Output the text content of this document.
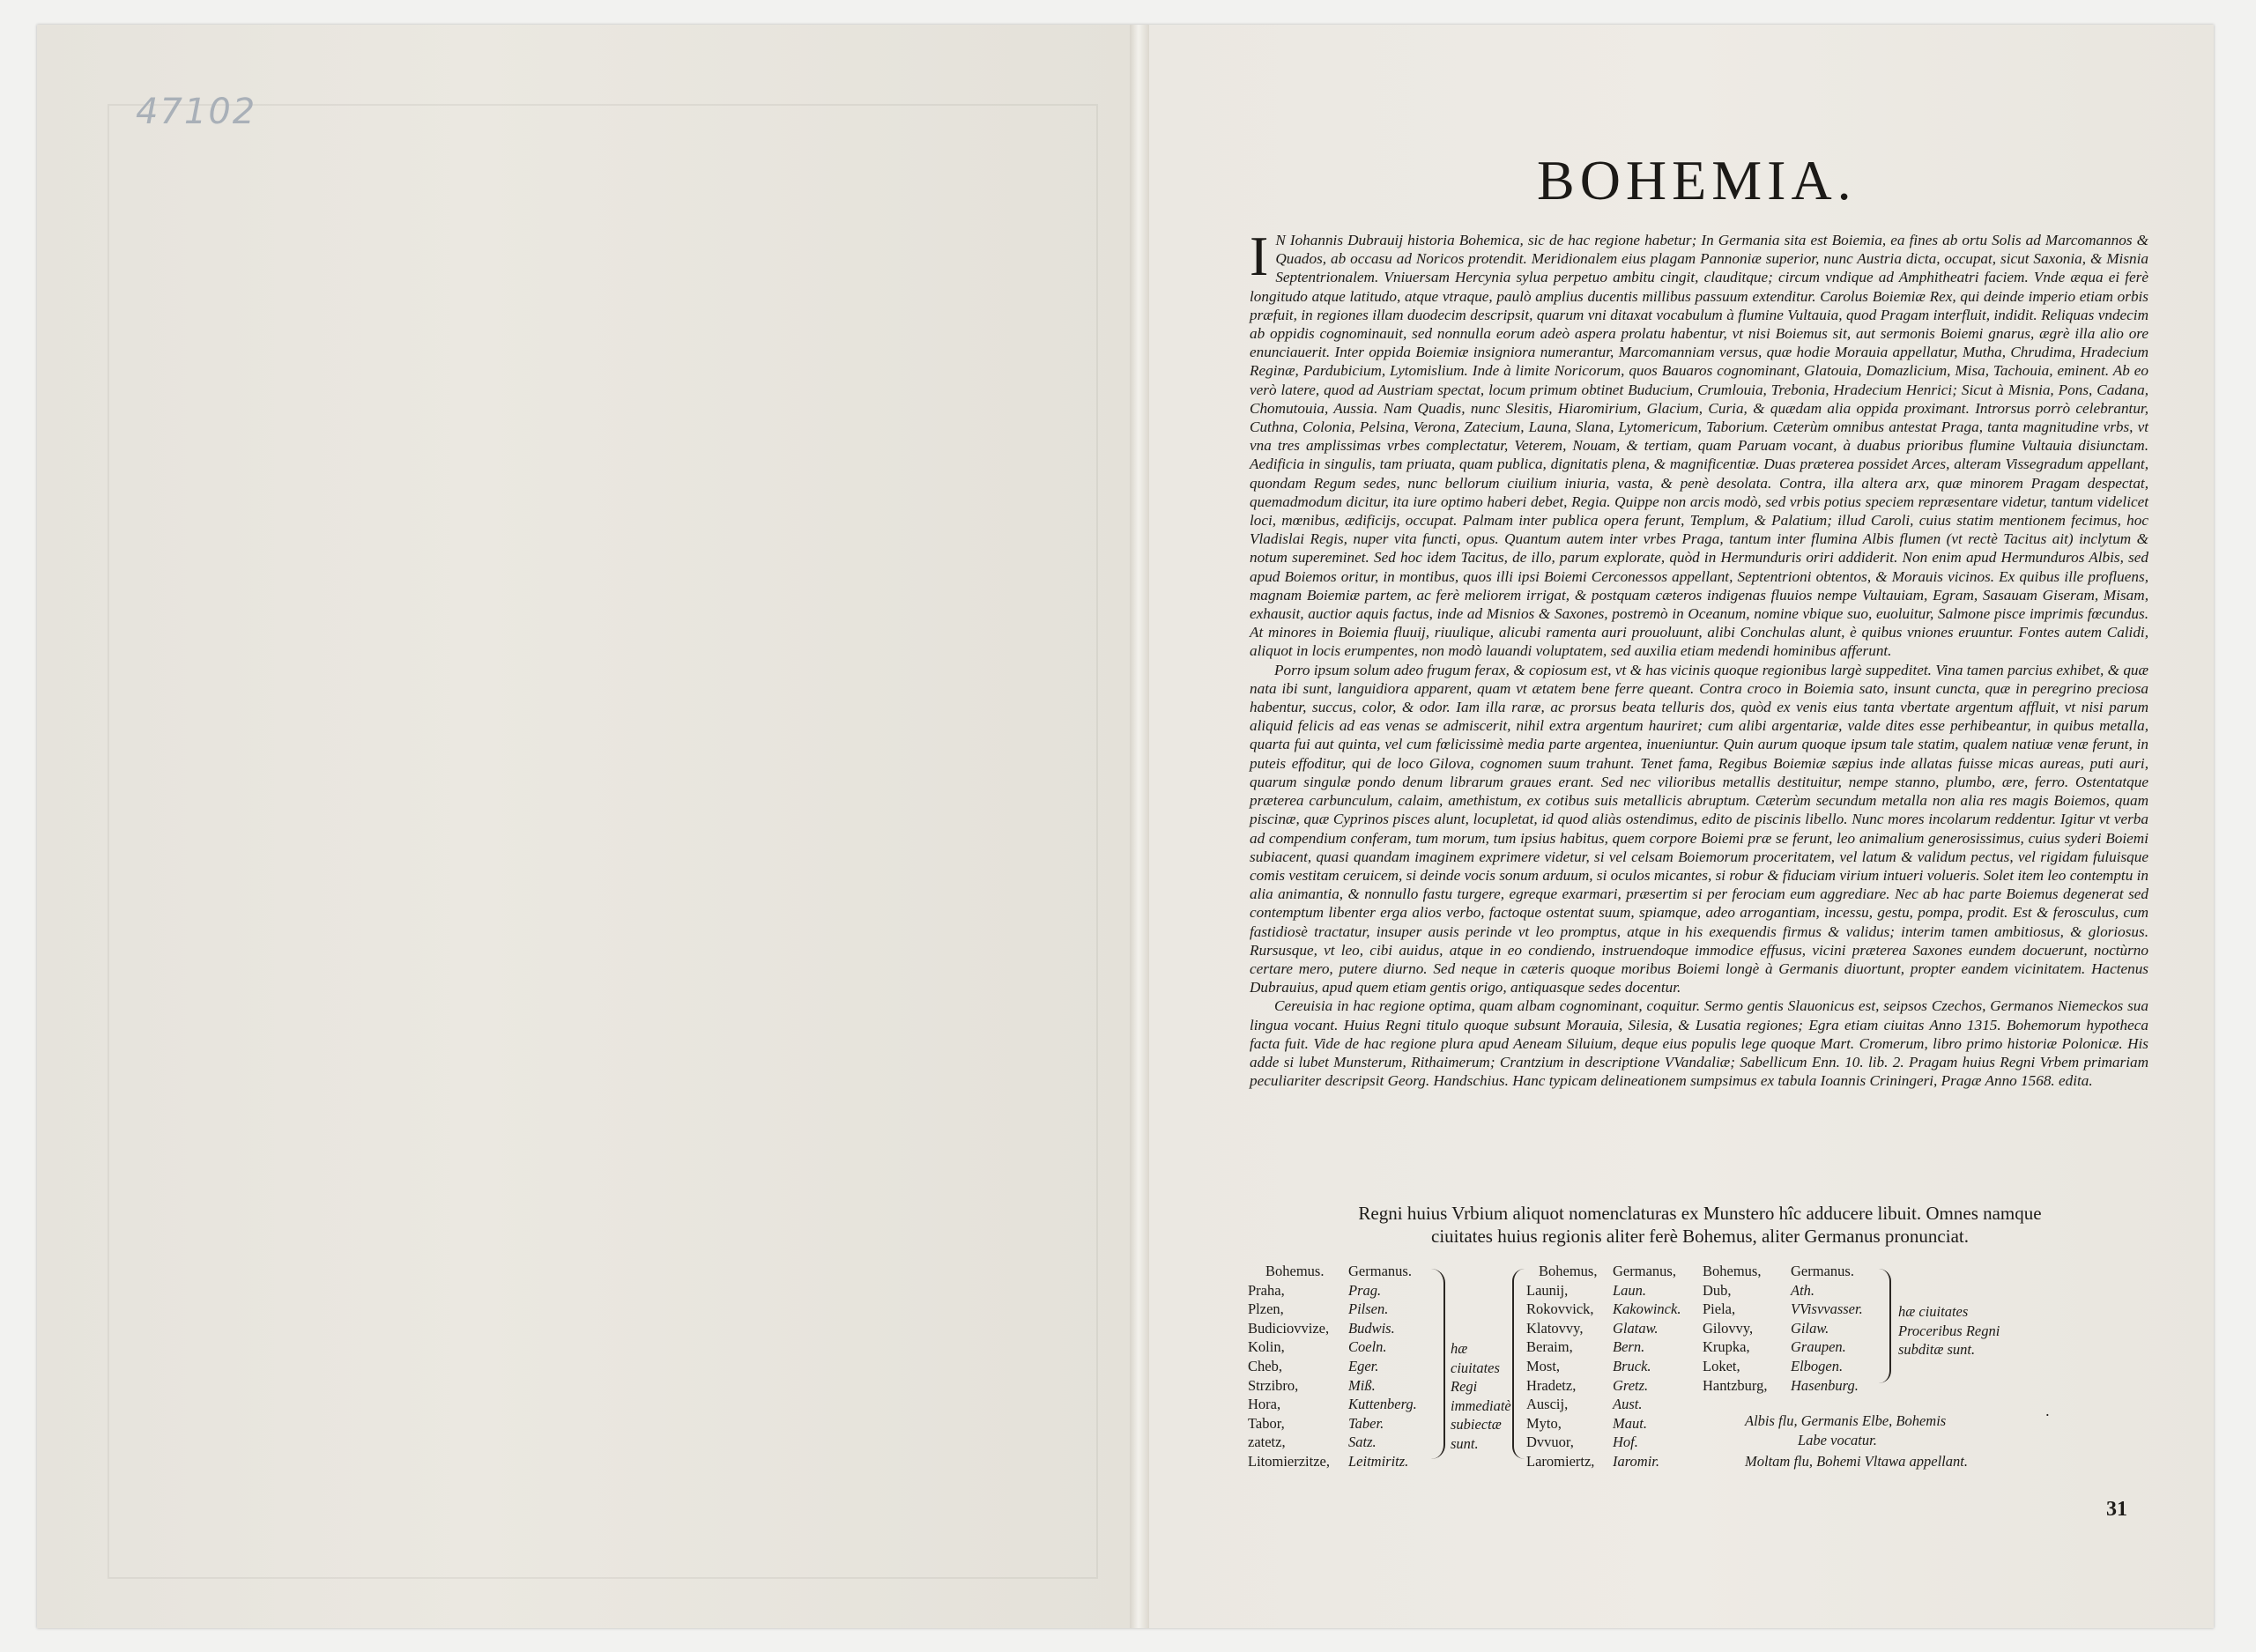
47102
BOHEMIA.
I N Iohannis Dubrauij historia Bohemica, sic de hac regione habetur; In Germania sita est Boiemia, ea fines ab ortu Solis ad Marcomannos & Quados, ab occasu ad Noricos protendit. Meridionalem eius plagam Pannoniæ superior, nunc Austria dicta, occupat, sicut Saxonia, & Misnia Septentrionalem. Vniuersam Hercynia sylua perpetuo ambitu cingit, clauditque; circum vndique ad Amphitheatri faciem. Vnde æqua ei ferè longitudo atque latitudo, atque vtraque, paulò amplius ducentis millibus passuum extenditur. Carolus Boiemiæ Rex, qui deinde imperio etiam orbis præfuit, in regiones illam duodecim descripsit, quarum vni ditaxat vocabulum à flumine Vultauia, quod Pragam interfluit, indidit. Reliquas vndecim ab oppidis cognominauit, sed nonnulla eorum adeò aspera prolatu habentur, vt nisi Boiemus sit, aut sermonis Boiemi gnarus, ægrè illa alio ore enunciauerit. Inter oppida Boiemiæ insigniora numerantur, Marcomanniam versus, quæ hodie Morauia appellatur, Mutha, Chrudima, Hradecium Reginæ, Pardubicium, Lytomislium. Inde à limite Noricorum, quos Bauaros cognominant, Glatouia, Domazlicium, Misa, Tachouia, eminent. Ab eo verò latere, quod ad Austriam spectat, locum primum obtinet Buducium, Crumlouia, Trebonia, Hradecium Henrici; Sicut à Misnia, Pons, Cadana, Chomutouia, Aussia. Nam Quadis, nunc Slesitis, Hiaromirium, Glacium, Curia, & quædam alia oppida proximant. Introrsus porrò celebrantur, Cuthna, Colonia, Pelsina, Verona, Zatecium, Launa, Slana, Lytomericum, Taborium. Cæterùm omnibus antestat Praga, tanta magnitudine vrbs, vt vna tres amplissimas vrbes complectatur, Veterem, Nouam, & tertiam, quam Paruam vocant, à duabus prioribus flumine Vultauia disiunctam. Aedificia in singulis, tam priuata, quam publica, dignitatis plena, & magnificentiæ. Duas præterea possidet Arces, alteram Vissegradum appellant, quondam Regum sedes, nunc bellorum ciuilium iniuria, vasta, & penè desolata. Contra, illa altera arx, quæ minorem Pragam despectat, quemadmodum dicitur, ita iure optimo haberi debet, Regia. Quippe non arcis modò, sed vrbis potius speciem repræsentare videtur, tantum videlicet loci, mœnibus, ædificijs, occupat. Palmam inter publica opera ferunt, Templum, & Palatium; illud Caroli, cuius statim mentionem fecimus, hoc Vladislai Regis, nuper vita functi, opus. Quantum autem inter vrbes Praga, tantum inter flumina Albis flumen (vt rectè Tacitus ait) inclytum & notum supereminet. Sed hoc idem Tacitus, de illo, parum explorate, quòd in Hermunduris oriri addiderit. Non enim apud Hermunduros Albis, sed apud Boiemos oritur, in montibus, quos illi ipsi Boiemi Cerconessos appellant, Septentrioni obtentos, & Morauis vicinos. Ex quibus ille profluens, magnam Boiemiæ partem, ac ferè meliorem irrigat, & postquam cæteros indigenas fluuios nempe Vultauiam, Egram, Sasauam Giseram, Misam, exhausit, auctior aquis factus, inde ad Misnios & Saxones, postremò in Oceanum, nomine vbique suo, euoluitur, Salmone pisce imprimis fœcundus. At minores in Boiemia fluuij, riuulique, alicubi ramenta auri prouoluunt, alibi Conchulas alunt, è quibus vniones eruuntur. Fontes autem Calidi, aliquot in locis erumpentes, non modò lauandi voluptatem, sed auxilia etiam medendi hominibus afferunt.

Porro ipsum solum adeo frugum ferax, & copiosum est, vt & has vicinis quoque regionibus largè suppeditet. Vina tamen parcius exhibet, & quæ nata ibi sunt, languidiora apparent, quam vt ætatem bene ferre queant. Contra croco in Boiemia sato, insunt cuncta, quæ in peregrino preciosa habentur, succus, color, & odor. Iam illa raræ, ac prorsus beata telluris dos, quòd ex venis eius tanta vbertate argentum affluit, vt nisi parum aliquid felicis ad eas venas se admiscerit, nihil extra argentum hauriret; cum alibi argentariæ, valde dites esse perhibeantur, in quibus metalla, quarta fui aut quinta, vel cum fœlicissimè media parte argentea, inueniuntur. Quin aurum quoque ipsum tale statim, qualem natiuæ venæ ferunt, in puteis effoditur, qui de loco Gilova, cognomen suum trahunt. Tenet fama, Regibus Boiemiæ sæpius inde allatas fuisse micas aureas, puti auri, quarum singulæ pondo denum librarum graues erant. Sed nec vilioribus metallis destituitur, nempe stanno, plumbo, ære, ferro. Ostentatque præterea carbunculum, calaim, amethistum, ex cotibus suis metallicis abruptum. Cæterùm secundum metalla non alia res magis Boiemos, quam piscinæ, quæ Cyprinos pisces alunt, locupletat, id quod aliàs ostendimus, edito de piscinis libello. Nunc mores incolarum reddentur. Igitur vt verba ad compendium conferam, tum morum, tum ipsius habitus, quem corpore Boiemi præ se ferunt, leo animalium generosissimus, cuius syderi Boiemi subiacent, quasi quandam imaginem exprimere videtur, si vel celsam Boiemorum proceritatem, vel latum & validum pectus, vel rigidam fuluisque comis vestitam ceruicem, si deinde vocis sonum arduum, si oculos micantes, si robur & fiduciam virium intueri volueris. Solet item leo contemptu in alia animantia, & nonnullo fastu turgere, egreque exarmari, præsertim si per ferociam eum aggrediare. Nec ab hac parte Boiemus degenerat sed contemptum libenter erga alios verbo, factoque ostentat suum, spiamque, adeo arrogantiam, incessu, gestu, pompa, prodit. Est & ferosculus, cum fastidiosè tractatur, insuper ausis perinde vt leo promptus, atque in his exequendis firmus & validus; interim tamen ambitiosus, & gloriosus. Rursusque, vt leo, cibi auidus, atque in eo condiendo, instruendoque immodice effusus, vicini præterea Saxones eundem docuerunt, noctùrno certare mero, putere diurno. Sed neque in cæteris quoque moribus Boiemi longè à Germanis diuortunt, propter eandem vicinitatem. Hactenus Dubrauius, apud quem etiam gentis origo, antiquasque sedes docentur.

Cereuisia in hac regione optima, quam albam cognominant, coquitur. Sermo gentis Slauonicus est, seipsos Czechos, Germanos Niemeckos sua lingua vocant. Huius Regni titulo quoque subsunt Morauia, Silesia, & Lusatia regiones; Egra etiam ciuitas Anno 1315. Bohemorum hypotheca facta fuit. Vide de hac regione plura apud Aeneam Siluium, deque eius populis lege quoque Mart. Cromerum, libro primo historiæ Polonicæ. His adde si lubet Munsterum, Rithaimerum; Crantzium in descriptione VVandaliæ; Sabellicum Enn. 10. lib. 2. Pragam huius Regni Vrbem primariam peculiariter descripsit Georg. Handschius. Hanc typicam delineationem sumpsimus ex tabula Ioannis Criningeri, Pragæ Anno 1568. edita.

Regni huius Vrbium aliquot nomenclaturas ex Munstero hîc adducere libuit. Omnes namque
ciuitates huius regionis aliter ferè Bohemus, aliter Germanus pronunciat.
Bohemus.
Praha,
Plzen,
Budiciovvize,
Kolin,
Cheb,
Strzibro,
Hora,
Tabor,
zatetz,
Litomierzitze,
Germanus.
Prag.
Pilsen.
Budwis.
Coeln.
Eger.
Miß.
Kuttenberg.
Taber.
Satz.
Leitmiritz.
hæ ciuitates Regi immediatè subiectæ sunt.
Bohemus,
Launij,
Rokovvick,
Klatovvy,
Beraim,
Most,
Hradetz,
Auscij,
Myto,
Dvvuor,
Laromiertz,
Germanus,
Laun.
Kakowinck.
Glataw.
Bern.
Bruck.
Gretz.
Aust.
Maut.
Hof.
Iaromir.
Bohemus,
Dub,
Piela,
Gilovvy,
Krupka,
Loket,
Hantzburg,
Germanus.
Ath.
VVisvvasser.
Gilaw.
Graupen.
Elbogen.
Hasenburg.
hæ ciuitates Proceribus Regni subditæ sunt.
Albis flu, Germanis Elbe, Bohemis
Labe vocatur.
Moltam flu, Bohemi Vltawa appellant.
˙
31
